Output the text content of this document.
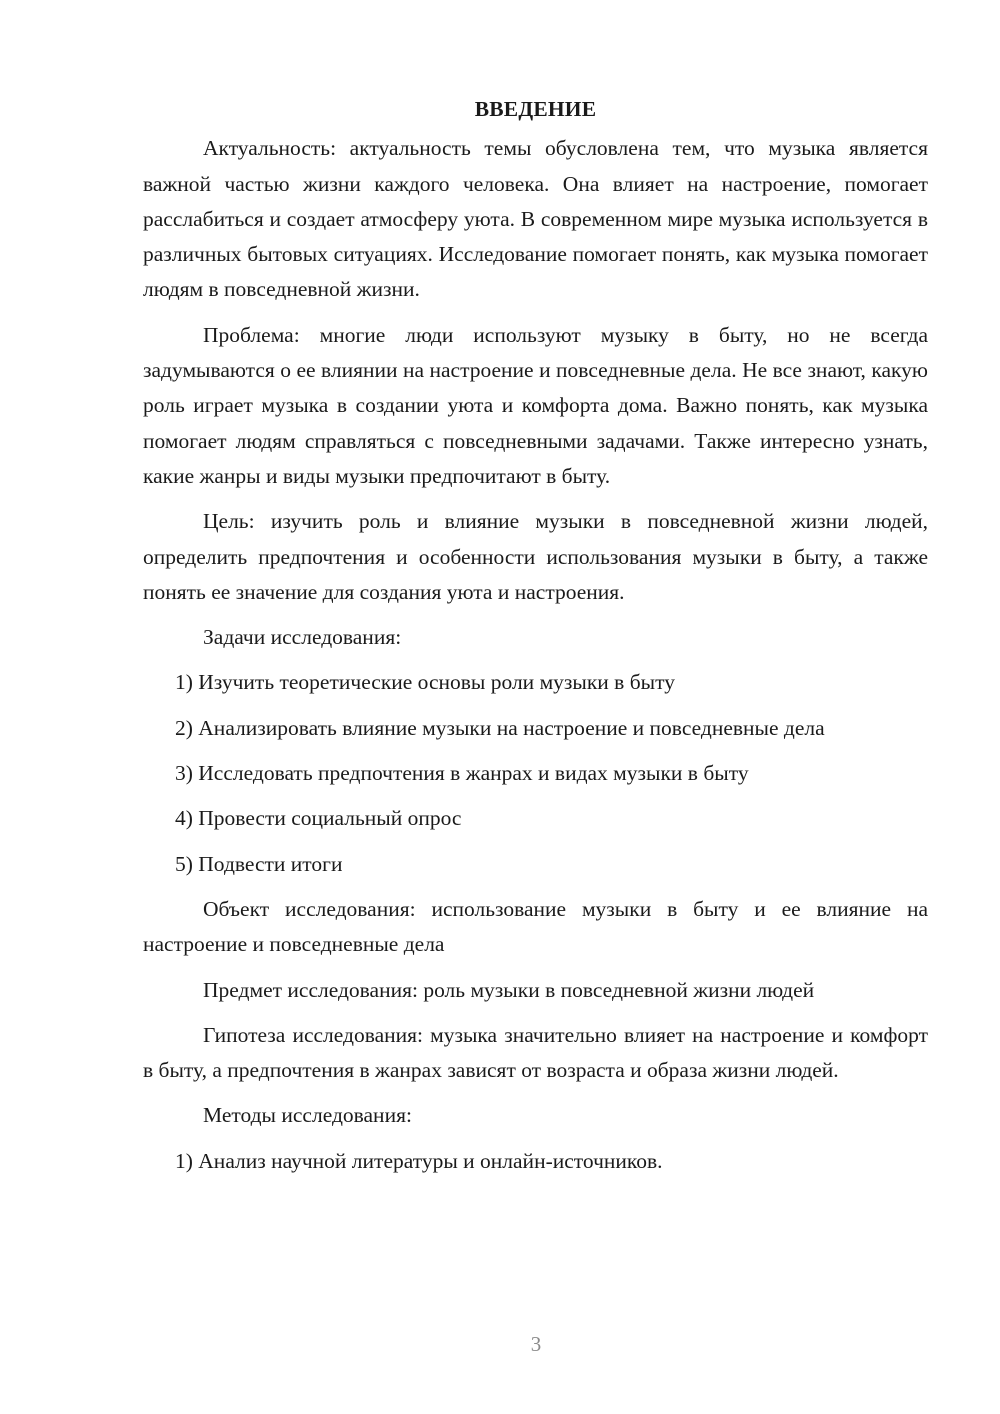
ВВЕДЕНИЕ

Актуальность: актуальность темы обусловлена тем, что музыка является важной частью жизни каждого человека. Она влияет на настроение, помогает расслабиться и создает атмосферу уюта. В современном мире музыка используется в различных бытовых ситуациях. Исследование помогает понять, как музыка помогает людям в повседневной жизни.

Проблема: многие люди используют музыку в быту, но не всегда задумываются о ее влиянии на настроение и повседневные дела. Не все знают, какую роль играет музыка в создании уюта и комфорта дома. Важно понять, как музыка помогает людям справляться с повседневными задачами. Также интересно узнать, какие жанры и виды музыки предпочитают в быту.

Цель: изучить роль и влияние музыки в повседневной жизни людей, определить предпочтения и особенности использования музыки в быту, а также понять ее значение для создания уюта и настроения.

Задачи исследования:

1) Изучить теоретические основы роли музыки в быту
2) Анализировать влияние музыки на настроение и повседневные дела
3) Исследовать предпочтения в жанрах и видах музыки в быту
4) Провести социальный опрос
5) Подвести итоги

Объект исследования: использование музыки в быту и ее влияние на настроение и повседневные дела

Предмет исследования: роль музыки в повседневной жизни людей

Гипотеза исследования: музыка значительно влияет на настроение и комфорт в быту, а предпочтения в жанрах зависят от возраста и образа жизни людей.

Методы исследования:

1) Анализ научной литературы и онлайн-источников.
3
